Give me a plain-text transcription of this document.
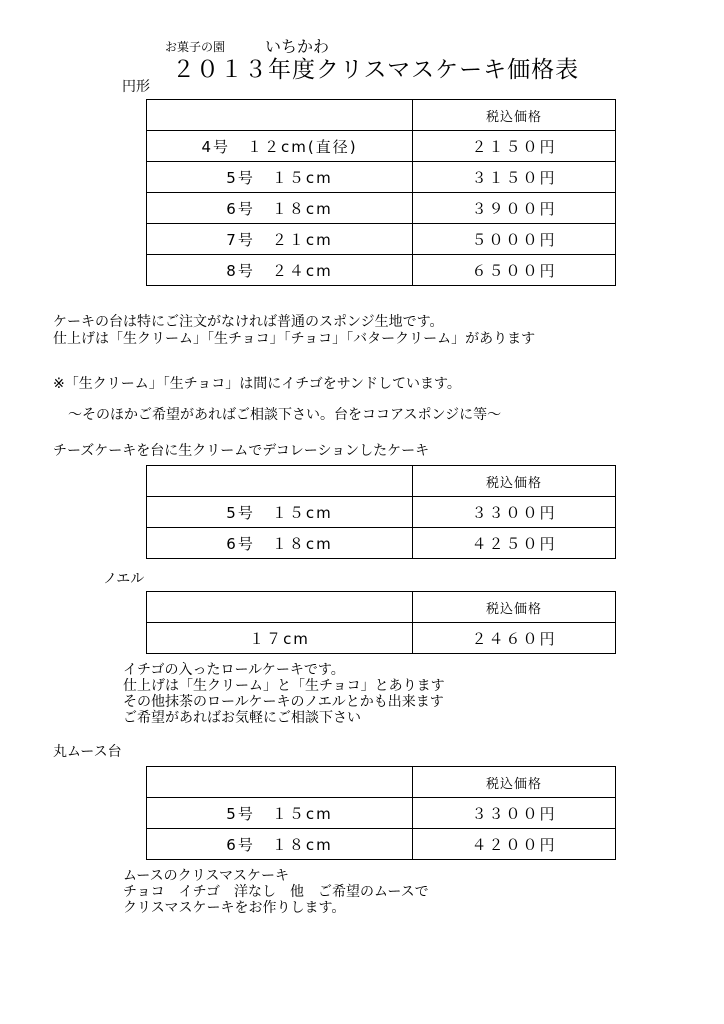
お菓子の園 いちかわ
２０１３年度クリスマスケーキ価格表
円形
	税込価格
4号　１２cm(直径)	２１５０円
5号　１５cm	３１５０円
6号　１８cm	３９００円
7号　２１cm	５０００円
8号　２４cm	６５００円
ケーキの台は特にご注文がなければ普通のスポンジ生地です。
仕上げは「生クリーム」「生チョコ」「チョコ」「バタークリーム」があります
※「生クリーム」「生チョコ」は間にイチゴをサンドしています。
～そのほかご希望があればご相談下さい。台をココアスポンジに等～
チーズケーキを台に生クリームでデコレーションしたケーキ
	税込価格
5号　１５cm	３３００円
6号　１８cm	４２５０円
ノエル
	税込価格
１７cm	２４６０円
イチゴの入ったロールケーキです。
仕上げは「生クリーム」と「生チョコ」とあります
その他抹茶のロールケーキのノエルとかも出来ます
ご希望があればお気軽にご相談下さい
丸ムース台
	税込価格
5号　１５cm	３３００円
6号　１８cm	４２００円
ムースのクリスマスケーキ
チョコ　イチゴ　洋なし　他　ご希望のムースで
クリスマスケーキをお作りします。
